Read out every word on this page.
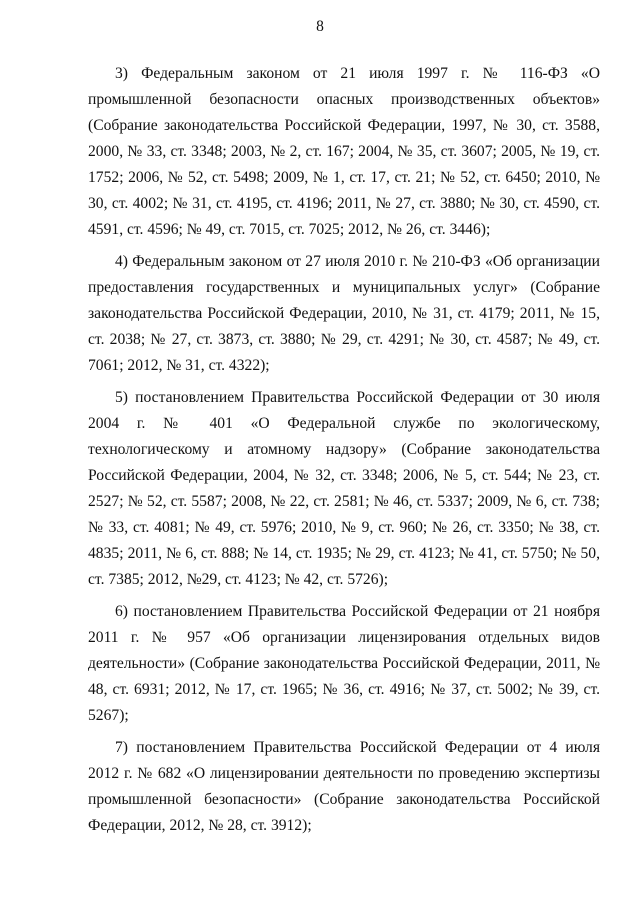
8

3) Федеральным законом от 21 июля 1997 г. № 116-ФЗ «О промышленной безопасности опасных производственных объектов» (Собрание законодательства Российской Федерации, 1997, № 30, ст. 3588, 2000, № 33, ст. 3348; 2003, № 2, ст. 167; 2004, № 35, ст. 3607; 2005, № 19, ст. 1752; 2006, № 52, ст. 5498; 2009, № 1, ст. 17, ст. 21; № 52, ст. 6450; 2010, № 30, ст. 4002; № 31, ст. 4195, ст. 4196; 2011, № 27, ст. 3880; № 30, ст. 4590, ст. 4591, ст. 4596; № 49, ст. 7015, ст. 7025; 2012, № 26, ст. 3446);

4) Федеральным законом от 27 июля 2010 г. № 210-ФЗ «Об организации предоставления государственных и муниципальных услуг» (Собрание законодательства Российской Федерации, 2010, № 31, ст. 4179; 2011, № 15, ст. 2038; № 27, ст. 3873, ст. 3880; № 29, ст. 4291; № 30, ст. 4587; № 49, ст. 7061; 2012, № 31, ст. 4322);

5) постановлением Правительства Российской Федерации от 30 июля 2004 г. № 401 «О Федеральной службе по экологическому, технологическому и атомному надзору» (Собрание законодательства Российской Федерации, 2004, № 32, ст. 3348; 2006, № 5, ст. 544; № 23, ст. 2527; № 52, ст. 5587; 2008, № 22, ст. 2581; № 46, ст. 5337; 2009, № 6, ст. 738; № 33, ст. 4081; № 49, ст. 5976; 2010, № 9, ст. 960; № 26, ст. 3350; № 38, ст. 4835; 2011, № 6, ст. 888; № 14, ст. 1935; № 29, ст. 4123; № 41, ст. 5750; № 50, ст. 7385; 2012, №29, ст. 4123; № 42, ст. 5726);

6) постановлением Правительства Российской Федерации от 21 ноября 2011 г. № 957 «Об организации лицензирования отдельных видов деятельности» (Собрание законодательства Российской Федерации, 2011, № 48, ст. 6931; 2012, № 17, ст. 1965; № 36, ст. 4916; № 37, ст. 5002; № 39, ст. 5267);

7) постановлением Правительства Российской Федерации от 4 июля 2012 г. № 682 «О лицензировании деятельности по проведению экспертизы промышленной безопасности» (Собрание законодательства Российской Федерации, 2012, № 28, ст. 3912);
